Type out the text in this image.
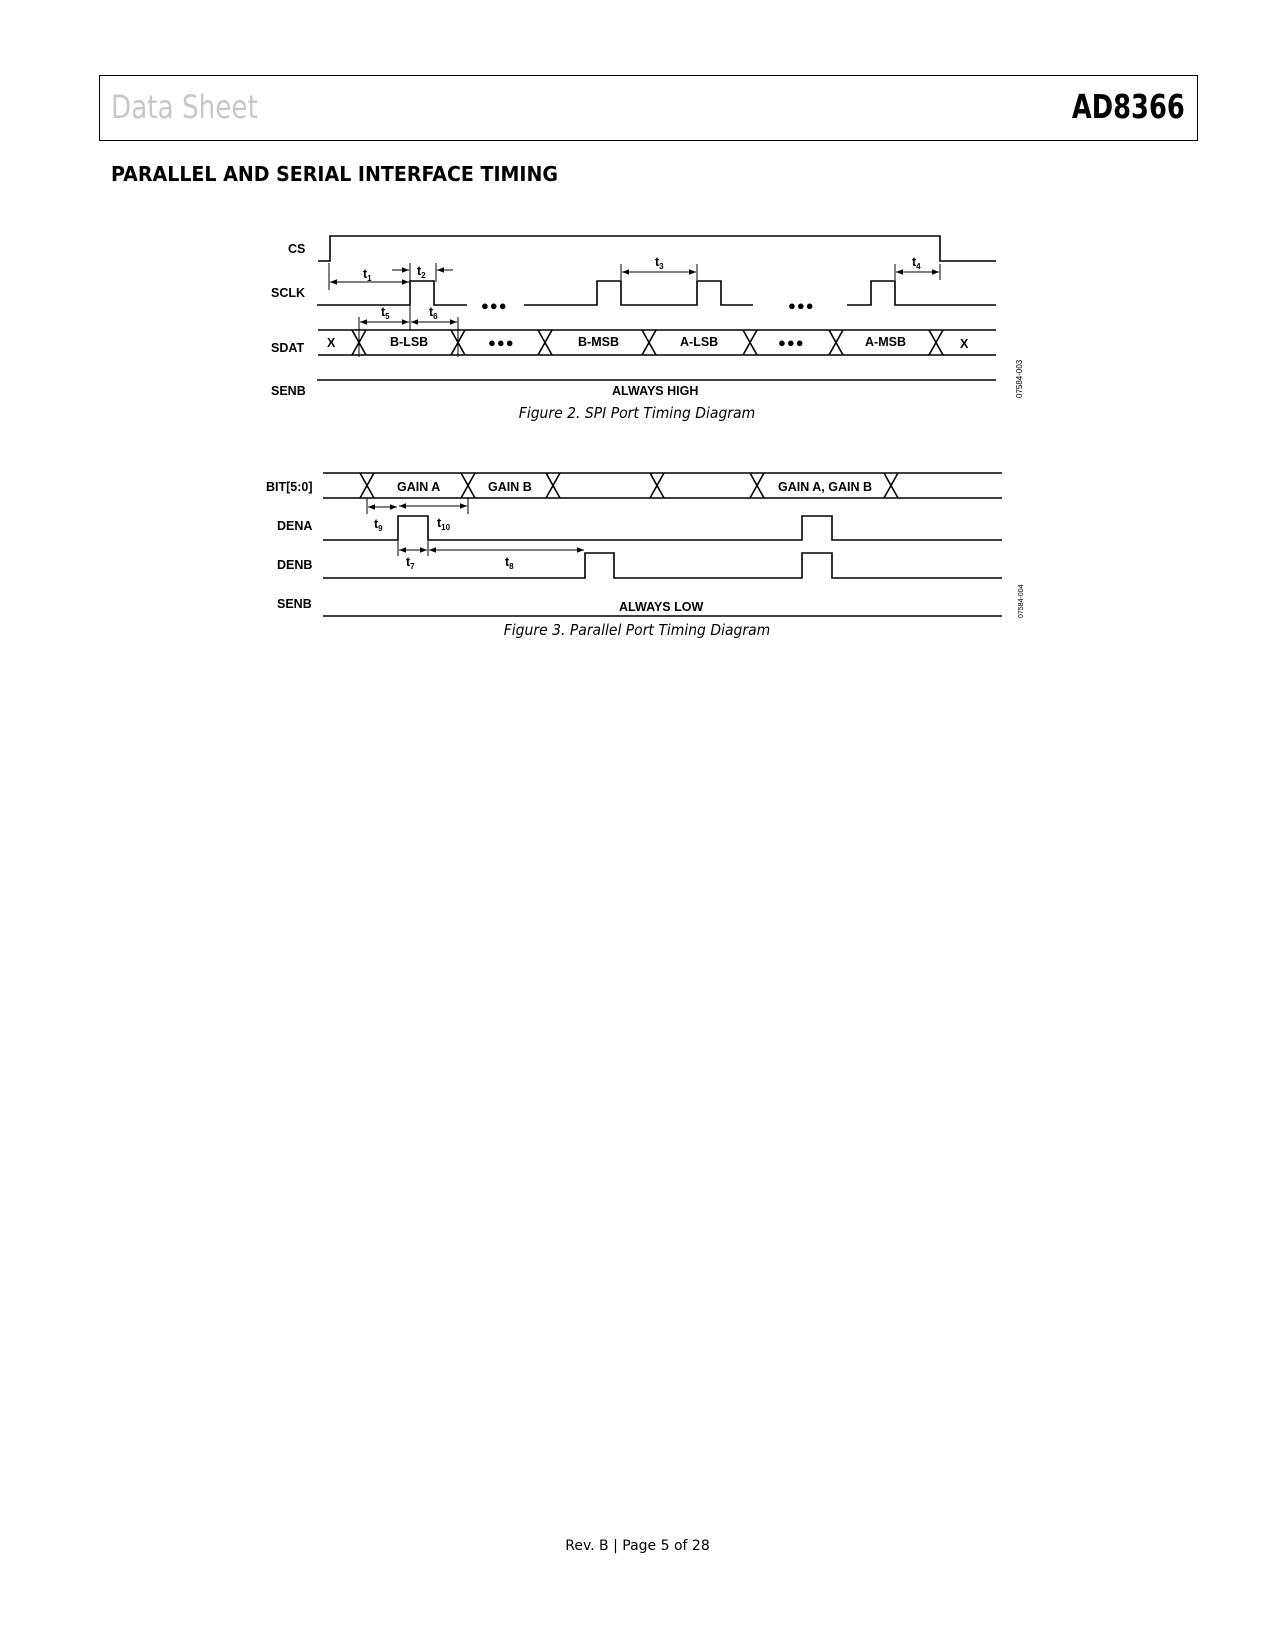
Data Sheet	AD8366
PARALLEL AND SERIAL INTERFACE TIMING
CS
SCLK
SDAT
SENB
X	B-LSB	B-MSB	A-LSB	A-MSB	X
●●●	●●●
●●●	●●●
ALWAYS HIGH
$t_1$
$t_2$
$t_3$	$t_4$
$t_5$	$t_6$
07584-003
Figure 2. SPI Port Timing Diagram
BIT[5:0]
DENA
DENB
SENB
GAIN A	GAIN B	GAIN A, GAIN B
ALWAYS LOW
$t_9$	$t_{10}$
$t_7$	$t_8$
07584-004
Figure 3. Parallel Port Timing Diagram
Rev. B | Page 5 of 28
